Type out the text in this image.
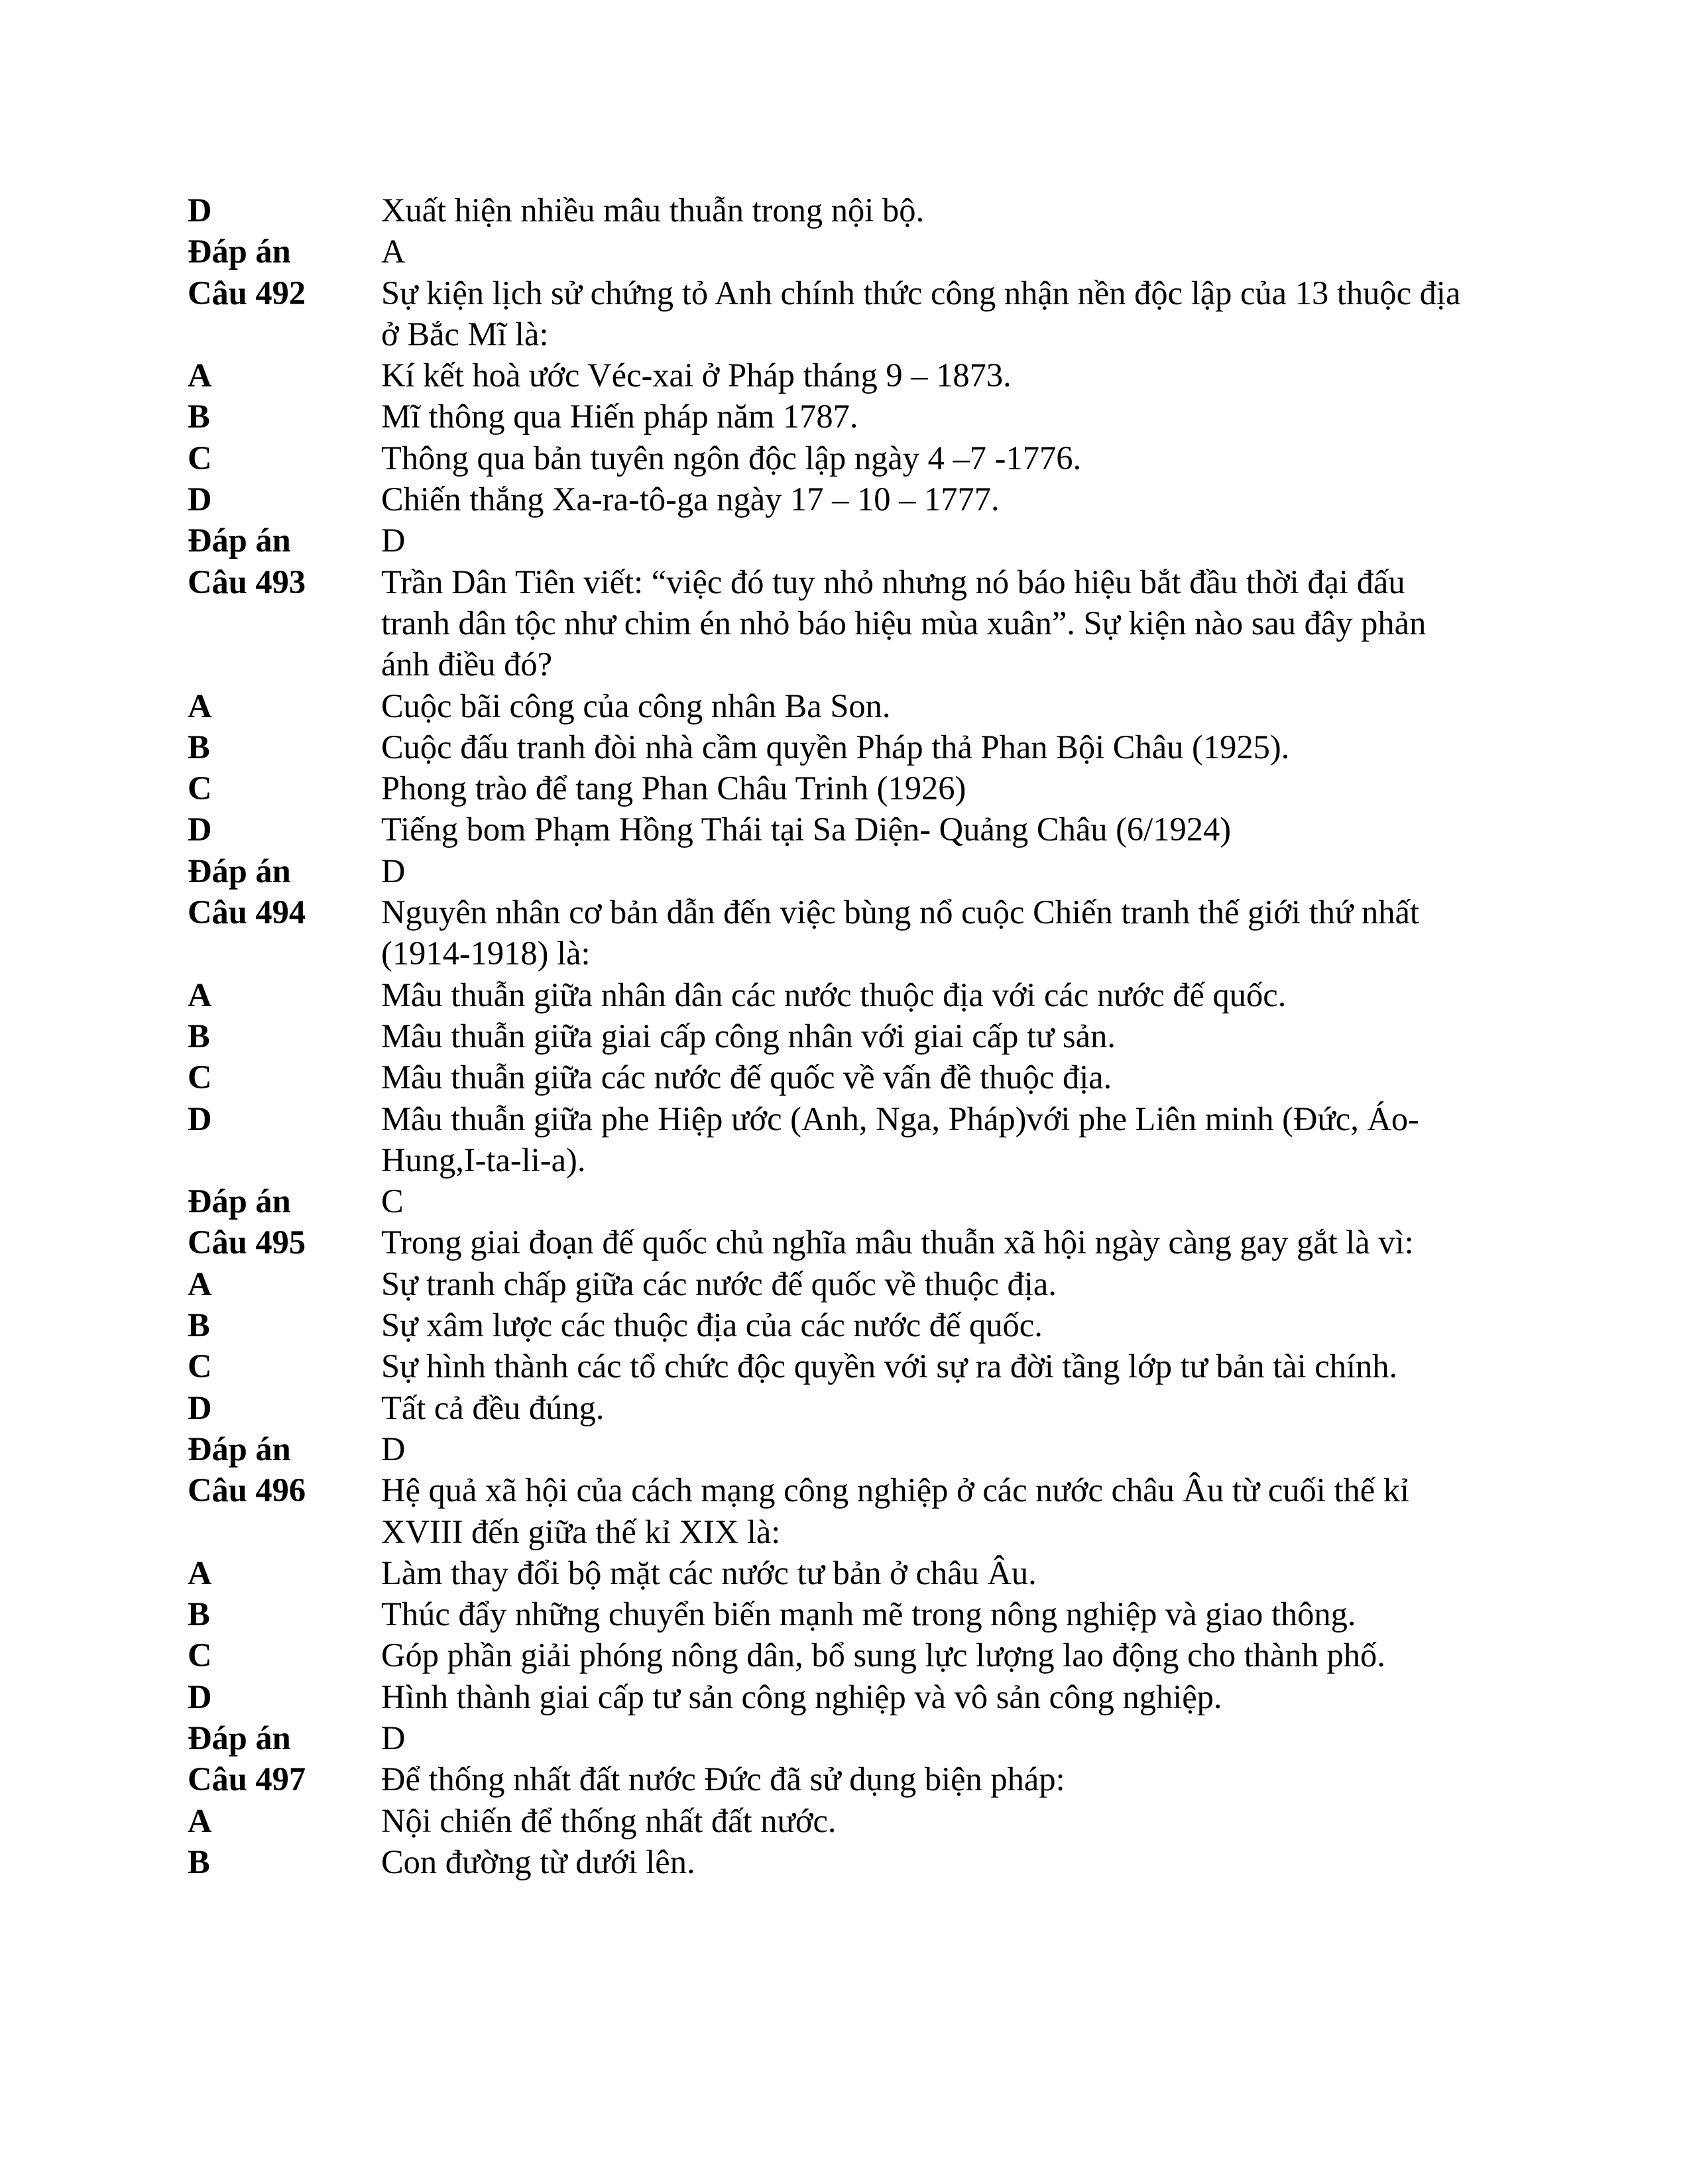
D	Xuất hiện nhiều mâu thuẫn trong nội bộ.
Đáp án	A
Câu 492	Sự kiện lịch sử chứng tỏ Anh chính thức công nhận nền độc lập của 13 thuộc địa ở Bắc Mĩ là:
A	Kí kết hoà ước Véc-xai ở Pháp tháng 9 – 1873.
B	Mĩ thông qua Hiến pháp năm 1787.
C	Thông qua bản tuyên ngôn độc lập ngày 4 –7 -1776.
D	Chiến thắng Xa-ra-tô-ga ngày 17 – 10 – 1777.
Đáp án	D
Câu 493	Trần Dân Tiên viết: “việc đó tuy nhỏ nhưng nó báo hiệu bắt đầu thời đại đấu tranh dân tộc như chim én nhỏ báo hiệu mùa xuân”. Sự kiện nào sau đây phản ánh điều đó?
A	Cuộc bãi công của công nhân Ba Son.
B	Cuộc đấu tranh đòi nhà cầm quyền Pháp thả Phan Bội Châu (1925).
C	Phong trào để tang Phan Châu Trinh (1926)
D	Tiếng bom Phạm Hồng Thái tại Sa Diện- Quảng Châu (6/1924)
Đáp án	D
Câu 494	Nguyên nhân cơ bản dẫn đến việc bùng nổ cuộc Chiến tranh thế giới thứ nhất (1914-1918) là:
A	Mâu thuẫn giữa nhân dân các nước thuộc địa với các nước đế quốc.
B	Mâu thuẫn giữa giai cấp công nhân với giai cấp tư sản.
C	Mâu thuẫn giữa các nước đế quốc về vấn đề thuộc địa.
D	Mâu thuẫn giữa phe Hiệp ước (Anh, Nga, Pháp)với phe Liên minh (Đức, Áo-Hung,I-ta-li-a).
Đáp án	C
Câu 495	Trong giai đoạn đế quốc chủ nghĩa mâu thuẫn xã hội ngày càng gay gắt là vì:
A	Sự tranh chấp giữa các nước đế quốc về thuộc địa.
B	Sự xâm lược các thuộc địa của các nước đế quốc.
C	Sự hình thành các tổ chức độc quyền với sự ra đời tầng lớp tư bản tài chính.
D	Tất cả đều đúng.
Đáp án	D
Câu 496	Hệ quả xã hội của cách mạng công nghiệp ở các nước châu Âu từ cuối thế kỉ XVIII đến giữa thế kỉ XIX là:
A	Làm thay đổi bộ mặt các nước tư bản ở châu Âu.
B	Thúc đẩy những chuyển biến mạnh mẽ trong nông nghiệp và giao thông.
C	Góp phần giải phóng nông dân, bổ sung lực lượng lao động cho thành phố.
D	Hình thành giai cấp tư sản công nghiệp và vô sản công nghiệp.
Đáp án	D
Câu 497	Để thống nhất đất nước Đức đã sử dụng biện pháp:
A	Nội chiến để thống nhất đất nước.
B	Con đường từ dưới lên.
